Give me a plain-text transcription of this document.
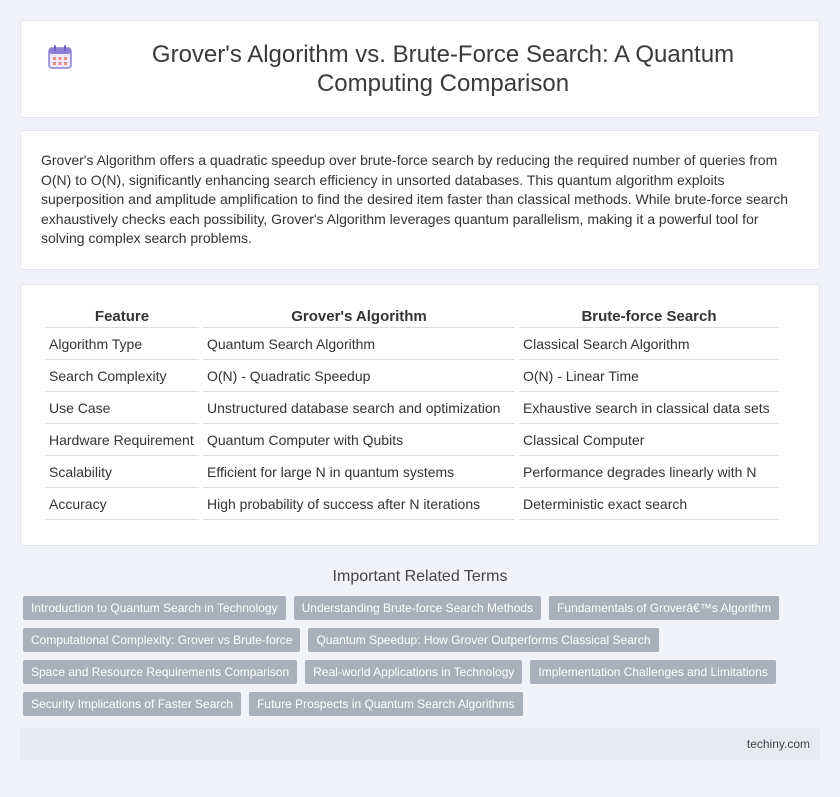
Grover's Algorithm vs. Brute-Force Search: A Quantum Computing Comparison

Grover's Algorithm offers a quadratic speedup over brute-force search by reducing the required number of queries from O(N) to O(N), significantly enhancing search efficiency in unsorted databases. This quantum algorithm exploits superposition and amplitude amplification to find the desired item faster than classical methods. While brute-force search exhaustively checks each possibility, Grover's Algorithm leverages quantum parallelism, making it a powerful tool for solving complex search problems.

Feature	Grover's Algorithm	Brute-force Search
Algorithm Type	Quantum Search Algorithm	Classical Search Algorithm
Search Complexity	O(N) - Quadratic Speedup	O(N) - Linear Time
Use Case	Unstructured database search and optimization	Exhaustive search in classical data sets
Hardware Requirement	Quantum Computer with Qubits	Classical Computer
Scalability	Efficient for large N in quantum systems	Performance degrades linearly with N
Accuracy	High probability of success after N iterations	Deterministic exact search
Important Related Terms
Introduction to Quantum Search in Technology	Understanding Brute-force Search Methods	Fundamentals of Groverâ€™s Algorithm
Computational Complexity: Grover vs Brute-force	Quantum Speedup: How Grover Outperforms Classical Search
Space and Resource Requirements Comparison	Real-world Applications in Technology	Implementation Challenges and Limitations
Security Implications of Faster Search	Future Prospects in Quantum Search Algorithms
techiny.com
